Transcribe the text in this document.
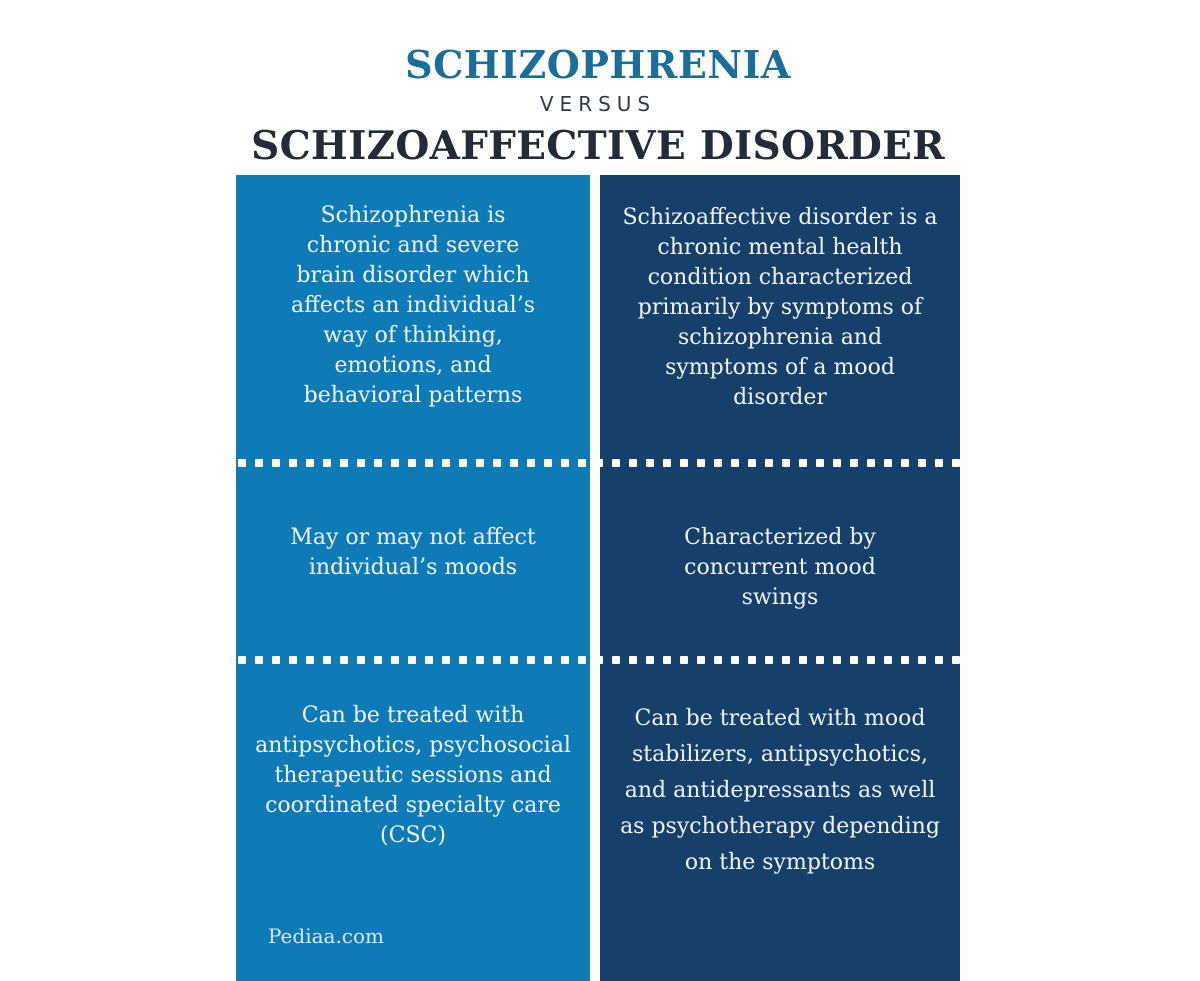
SCHIZOPHRENIA
VERSUS
SCHIZOAFFECTIVE DISORDER
Schizophrenia is chronic and severe brain disorder which affects an individual’s way of thinking, emotions, and behavioral patterns
May or may not affect individual’s moods
Can be treated with antipsychotics, psychosocial therapeutic sessions and coordinated specialty care (CSC)
Pediaa.com
Schizoaffective disorder is a chronic mental health condition characterized primarily by symptoms of schizophrenia and symptoms of a mood disorder
Characterized by concurrent mood swings
Can be treated with mood stabilizers, antipsychotics, and antidepressants as well as psychotherapy depending on the symptoms
